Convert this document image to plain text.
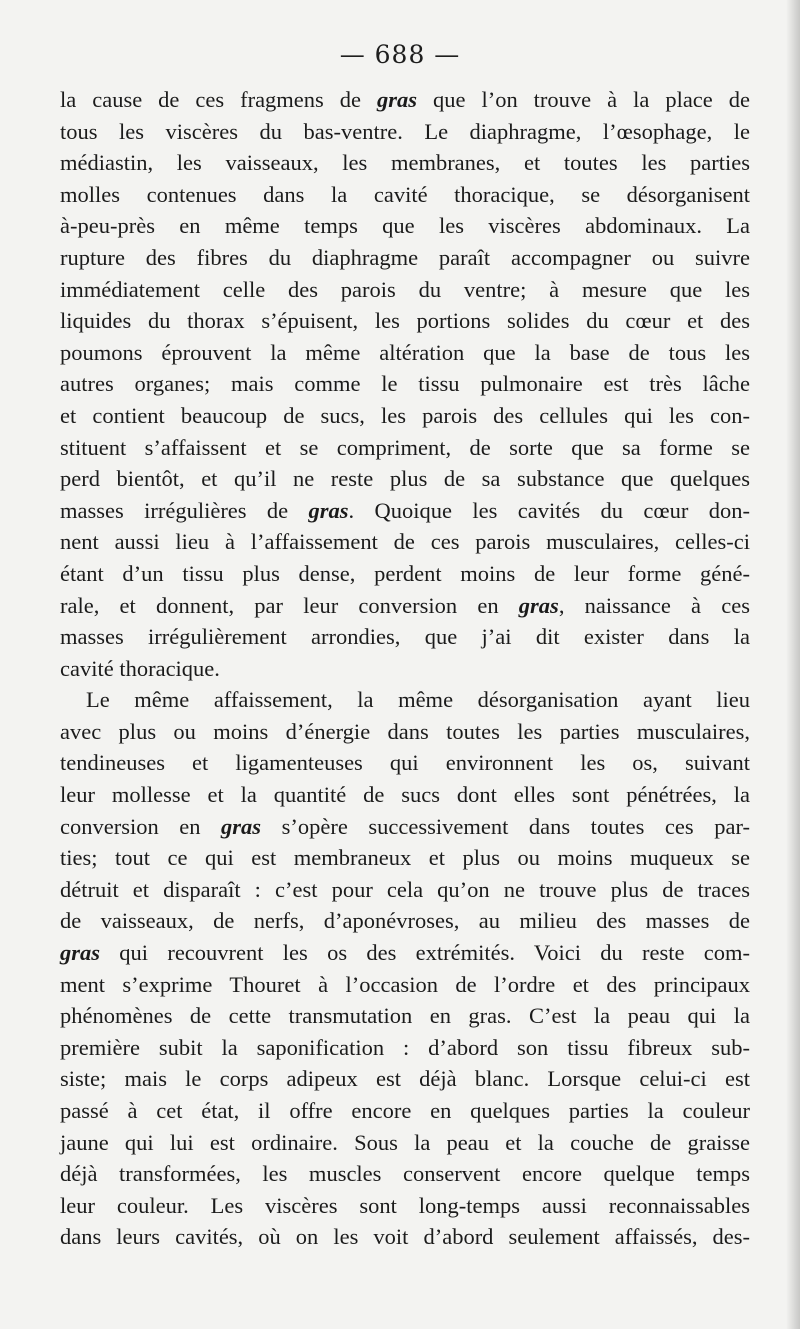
— 688 —
la cause de ces fragmens de gras que l’on trouve à la place de
tous les viscères du bas-ventre. Le diaphragme, l’œsophage, le
médiastin, les vaisseaux, les membranes, et toutes les parties
molles contenues dans la cavité thoracique, se désorganisent
à-peu-près en même temps que les viscères abdominaux. La
rupture des fibres du diaphragme paraît accompagner ou suivre
immédiatement celle des parois du ventre; à mesure que les
liquides du thorax s’épuisent, les portions solides du cœur et des
poumons éprouvent la même altération que la base de tous les
autres organes; mais comme le tissu pulmonaire est très lâche
et contient beaucoup de sucs, les parois des cellules qui les con-
stituent s’affaissent et se compriment, de sorte que sa forme se
perd bientôt, et qu’il ne reste plus de sa substance que quelques
masses irrégulières de gras. Quoique les cavités du cœur don-
nent aussi lieu à l’affaissement de ces parois musculaires, celles-ci
étant d’un tissu plus dense, perdent moins de leur forme géné-
rale, et donnent, par leur conversion en gras, naissance à ces
masses irrégulièrement arrondies, que j’ai dit exister dans la
cavité thoracique.
Le même affaissement, la même désorganisation ayant lieu
avec plus ou moins d’énergie dans toutes les parties musculaires,
tendineuses et ligamenteuses qui environnent les os, suivant
leur mollesse et la quantité de sucs dont elles sont pénétrées, la
conversion en gras s’opère successivement dans toutes ces par-
ties; tout ce qui est membraneux et plus ou moins muqueux se
détruit et disparaît : c’est pour cela qu’on ne trouve plus de traces
de vaisseaux, de nerfs, d’aponévroses, au milieu des masses de
gras qui recouvrent les os des extrémités. Voici du reste com-
ment s’exprime Thouret à l’occasion de l’ordre et des principaux
phénomènes de cette transmutation en gras. C’est la peau qui la
première subit la saponification : d’abord son tissu fibreux sub-
siste; mais le corps adipeux est déjà blanc. Lorsque celui-ci est
passé à cet état, il offre encore en quelques parties la couleur
jaune qui lui est ordinaire. Sous la peau et la couche de graisse
déjà transformées, les muscles conservent encore quelque temps
leur couleur. Les viscères sont long-temps aussi reconnaissables
dans leurs cavités, où on les voit d’abord seulement affaissés, des-
